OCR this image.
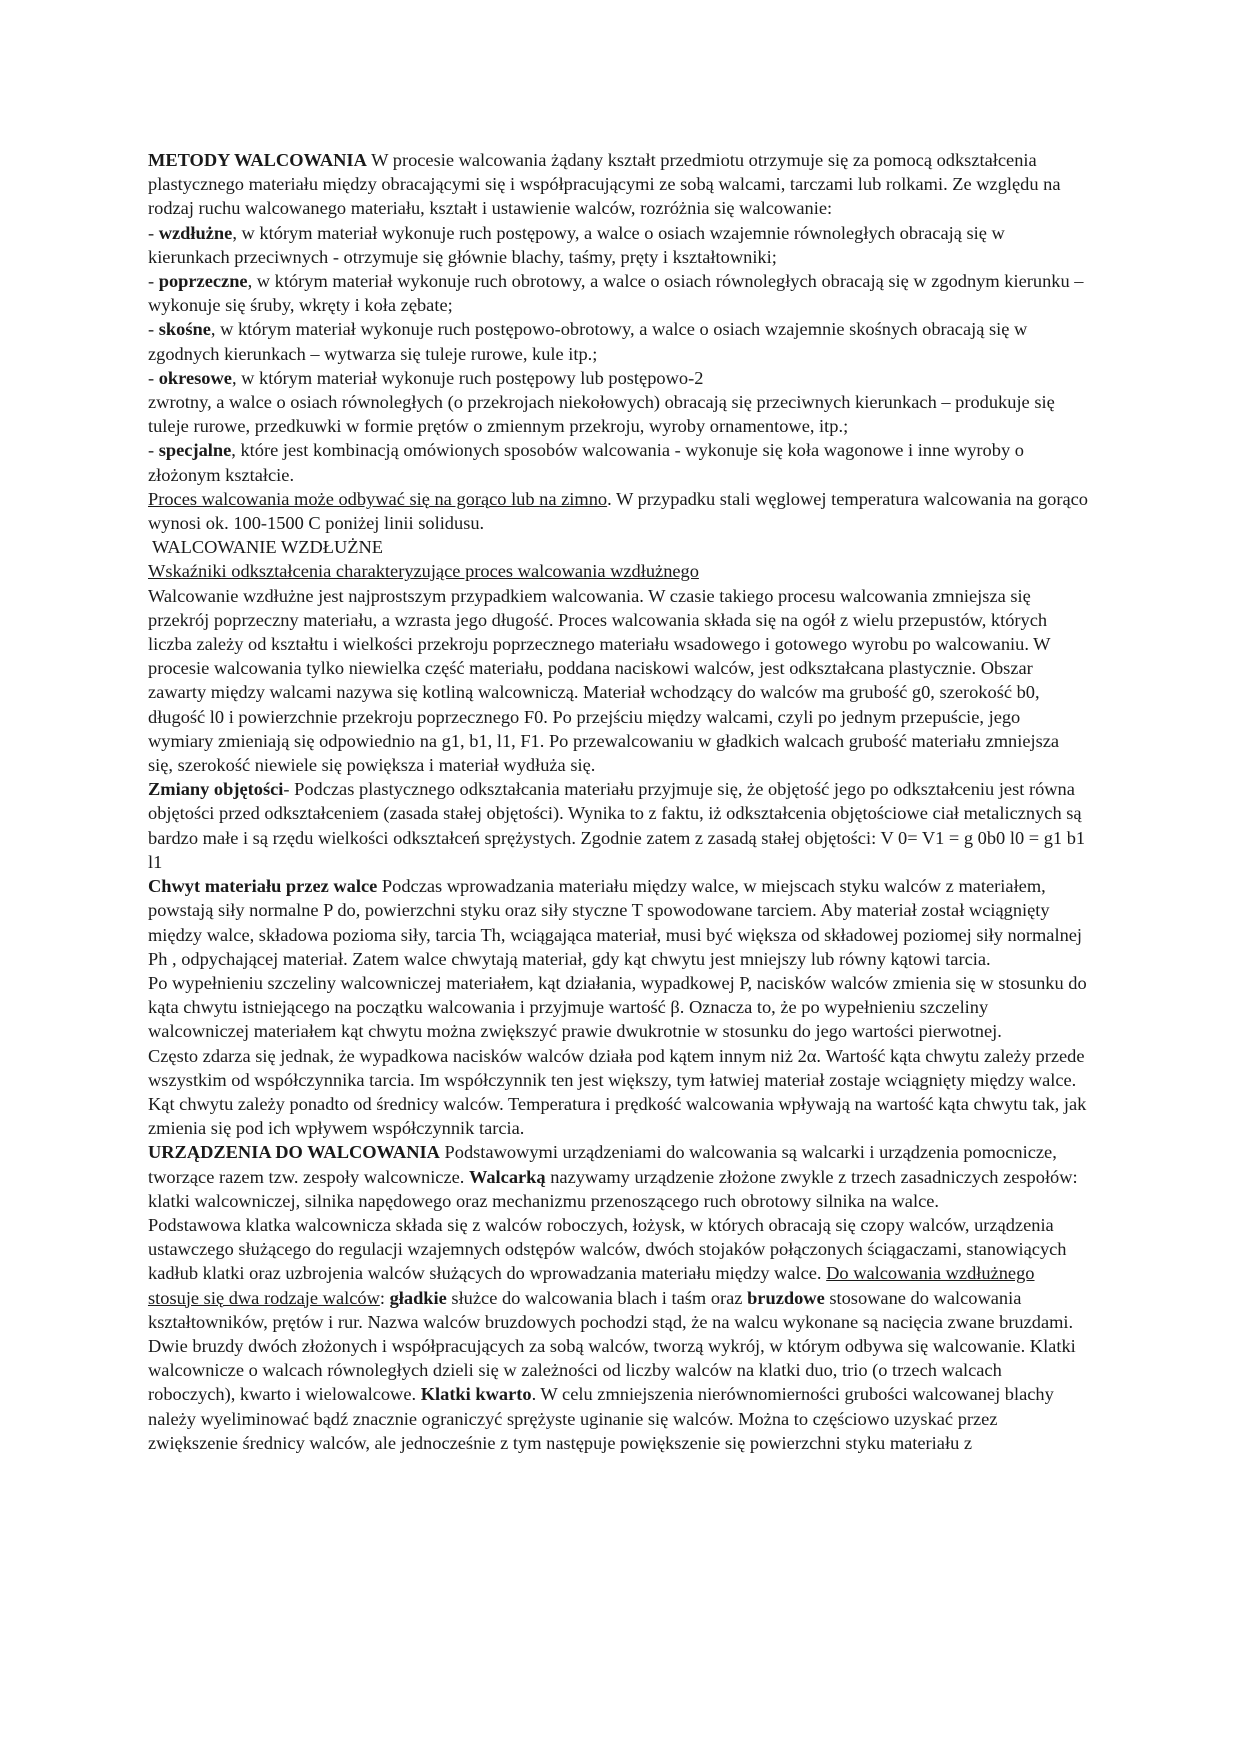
METODY WALCOWANIA W procesie walcowania żądany kształt przedmiotu otrzymuje się za pomocą odkształcenia plastycznego materiału między obracającymi się i współpracującymi ze sobą walcami, tarczami lub rolkami. Ze względu na rodzaj ruchu walcowanego materiału, kształt i ustawienie walców, rozróżnia się walcowanie:

- wzdłużne, w którym materiał wykonuje ruch postępowy, a walce o osiach wzajemnie równoległych obracają się w kierunkach przeciwnych - otrzymuje się głównie blachy, taśmy, pręty i kształtowniki;

- poprzeczne, w którym materiał wykonuje ruch obrotowy, a walce o osiach równoległych obracają się w zgodnym kierunku – wykonuje się śruby, wkręty i koła zębate;

- skośne, w którym materiał wykonuje ruch postępowo-obrotowy, a walce o osiach wzajemnie skośnych obracają się w zgodnych kierunkach – wytwarza się tuleje rurowe, kule itp.;

- okresowe, w którym materiał wykonuje ruch postępowy lub postępowo-2

zwrotny, a walce o osiach równoległych (o przekrojach niekołowych) obracają się przeciwnych kierunkach – produkuje się tuleje rurowe, przedkuwki w formie prętów o zmiennym przekroju, wyroby ornamentowe, itp.;

- specjalne, które jest kombinacją omówionych sposobów walcowania - wykonuje się koła wagonowe i inne wyroby o złożonym kształcie.

Proces walcowania może odbywać się na gorąco lub na zimno. W przypadku stali węglowej temperatura walcowania na gorąco wynosi ok. 100-1500 C poniżej linii solidusu.

WALCOWANIE WZDŁUŻNE

Wskaźniki odkształcenia charakteryzujące proces walcowania wzdłużnego

Walcowanie wzdłużne jest najprostszym przypadkiem walcowania. W czasie takiego procesu walcowania zmniejsza się przekrój poprzeczny materiału, a wzrasta jego długość. Proces walcowania składa się na ogół z wielu przepustów, których liczba zależy od kształtu i wielkości przekroju poprzecznego materiału wsadowego i gotowego wyrobu po walcowaniu. W procesie walcowania tylko niewielka część materiału, poddana naciskowi walców, jest odkształcana plastycznie. Obszar zawarty między walcami nazywa się kotliną walcowniczą. Materiał wchodzący do walców ma grubość g0, szerokość b0, długość l0 i powierzchnie przekroju poprzecznego F0. Po przejściu między walcami, czyli po jednym przepuście, jego wymiary zmieniają się odpowiednio na g1, b1, l1, F1. Po przewalcowaniu w gładkich walcach grubość materiału zmniejsza się, szerokość niewiele się powiększa i materiał wydłuża się.

Zmiany objętości- Podczas plastycznego odkształcania materiału przyjmuje się, że objętość jego po odkształceniu jest równa objętości przed odkształceniem (zasada stałej objętości). Wynika to z faktu, iż odkształcenia objętościowe ciał metalicznych są bardzo małe i są rzędu wielkości odkształceń sprężystych. Zgodnie zatem z zasadą stałej objętości: V 0= V1 = g 0b0 l0 = g1 b1 l1

Chwyt materiału przez walce Podczas wprowadzania materiału między walce, w miejscach styku walców z materiałem, powstają siły normalne P do, powierzchni styku oraz siły styczne T spowodowane tarciem. Aby materiał został wciągnięty między walce, składowa pozioma siły, tarcia Th, wciągająca materiał, musi być większa od składowej poziomej siły normalnej Ph , odpychającej materiał. Zatem walce chwytają materiał, gdy kąt chwytu jest mniejszy lub równy kątowi tarcia.

Po wypełnieniu szczeliny walcowniczej materiałem, kąt działania, wypadkowej P, nacisków walców zmienia się w stosunku do kąta chwytu istniejącego na początku walcowania i przyjmuje wartość β. Oznacza to, że po wypełnieniu szczeliny walcowniczej materiałem kąt chwytu można zwiększyć prawie dwukrotnie w stosunku do jego wartości pierwotnej.

Często zdarza się jednak, że wypadkowa nacisków walców działa pod kątem innym niż 2α. Wartość kąta chwytu zależy przede wszystkim od współczynnika tarcia. Im współczynnik ten jest większy, tym łatwiej materiał zostaje wciągnięty między walce. Kąt chwytu zależy ponadto od średnicy walców. Temperatura i prędkość walcowania wpływają na wartość kąta chwytu tak, jak zmienia się pod ich wpływem współczynnik tarcia.

URZĄDZENIA DO WALCOWANIA Podstawowymi urządzeniami do walcowania są walcarki i urządzenia pomocnicze, tworzące razem tzw. zespoły walcownicze. Walcarką nazywamy urządzenie złożone zwykle z trzech zasadniczych zespołów: klatki walcowniczej, silnika napędowego oraz mechanizmu przenoszącego ruch obrotowy silnika na walce.

Podstawowa klatka walcownicza składa się z walców roboczych, łożysk, w których obracają się czopy walców, urządzenia ustawczego służącego do regulacji wzajemnych odstępów walców, dwóch stojaków połączonych ściągaczami, stanowiących kadłub klatki oraz uzbrojenia walców służących do wprowadzania materiału między walce. Do walcowania wzdłużnego stosuje się dwa rodzaje walców: gładkie służce do walcowania blach i taśm oraz bruzdowe stosowane do walcowania kształtowników, prętów i rur. Nazwa walców bruzdowych pochodzi stąd, że na walcu wykonane są nacięcia zwane bruzdami. Dwie bruzdy dwóch złożonych i współpracujących za sobą walców, tworzą wykrój, w którym odbywa się walcowanie. Klatki walcownicze o walcach równoległych dzieli się w zależności od liczby walców na klatki duo, trio (o trzech walcach roboczych), kwarto i wielowalcowe. Klatki kwarto. W celu zmniejszenia nierównomierności grubości walcowanej blachy należy wyeliminować bądź znacznie ograniczyć sprężyste uginanie się walców. Można to częściowo uzyskać przez zwiększenie średnicy walców, ale jednocześnie z tym następuje powiększenie się powierzchni styku materiału z
